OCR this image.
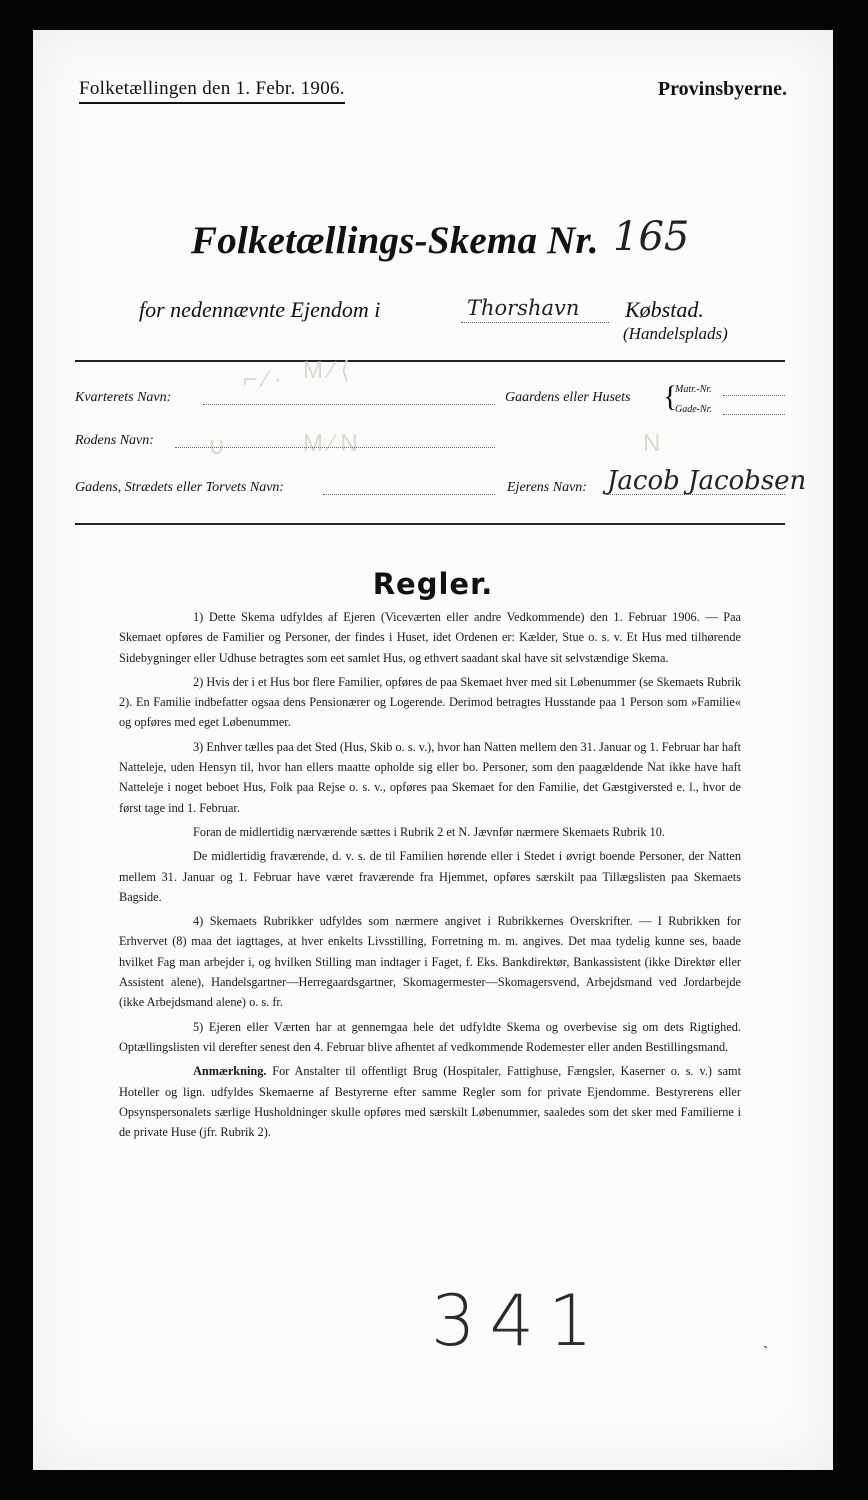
Folketællingen den 1. Febr. 1906.	Provinsbyerne.
Folketællings-Skema Nr. 165
for nedennævnte Ejendom i	Thorshavn Købstad.
(Handelsplads)
⌐ ∕ ∙ M ∕ ⟨
M ∕ N
∪	N
Kvarterets Navn:	Gaardens eller Husets {
Matr.-Nr.
Gade-Nr.
Rodens Navn:
Gadens, Strædets eller Torvets Navn:	Ejerens Navn: Jacob Jacobsen
Regler.

1) Dette Skema udfyldes af Ejeren (Viceværten eller andre Vedkommende) den 1. Februar 1906. — Paa Skemaet opføres de Familier og Personer, der findes i Huset, idet Ordenen er: Kælder, Stue o. s. v. Et Hus med tilhørende Sidebygninger eller Udhuse betragtes som eet samlet Hus, og ethvert saadant skal have sit selvstændige Skema.

2) Hvis der i et Hus bor flere Familier, opføres de paa Skemaet hver med sit Løbenummer (se Skemaets Rubrik 2). En Familie indbefatter ogsaa dens Pensionærer og Logerende. Derimod betragtes Husstande paa 1 Person som »Familie« og opføres med eget Løbenummer.

3) Enhver tælles paa det Sted (Hus, Skib o. s. v.), hvor han Natten mellem den 31. Januar og 1. Februar har haft Natteleje, uden Hensyn til, hvor han ellers maatte opholde sig eller bo. Personer, som den paagældende Nat ikke have haft Natteleje i noget beboet Hus, Folk paa Rejse o. s. v., opføres paa Skemaet for den Familie, det Gæstgiversted e. l., hvor de først tage ind 1. Februar.

Foran de midlertidig nærværende sættes i Rubrik 2 et N. Jævnfør nærmere Skemaets Rubrik 10.

De midlertidig fraværende, d. v. s. de til Familien hørende eller i Stedet i øvrigt boende Personer, der Natten mellem 31. Januar og 1. Februar have været fraværende fra Hjemmet, opføres særskilt paa Tillægslisten paa Skemaets Bagside.

4) Skemaets Rubrikker udfyldes som nærmere angivet i Rubrikkernes Overskrifter. — I Rubrikken for Erhvervet (8) maa det iagttages, at hver enkelts Livsstilling, Forretning m. m. angives. Det maa tydelig kunne ses, baade hvilket Fag man arbejder i, og hvilken Stilling man indtager i Faget, f. Eks. Bankdirektør, Bankassistent (ikke Direktør eller Assistent alene), Handelsgartner—Herregaardsgartner, Skomagermester—Skomagersvend, Arbejdsmand ved Jordarbejde (ikke Arbejdsmand alene) o. s. fr.

5) Ejeren eller Værten har at gennemgaa hele det udfyldte Skema og overbevise sig om dets Rigtighed. Optællingslisten vil derefter senest den 4. Februar blive afhentet af vedkommende Rodemester eller anden Bestillingsmand.

Anmærkning. For Anstalter til offentligt Brug (Hospitaler, Fattighuse, Fængsler, Kaserner o. s. v.) samt Hoteller og lign. udfyldes Skemaerne af Bestyrerne efter samme Regler som for private Ejendomme. Bestyrerens eller Opsynspersonalets særlige Husholdninger skulle opføres med særskilt Løbenummer, saaledes som det sker med Familierne i de private Huse (jfr. Rubrik 2).

341	ˎ
